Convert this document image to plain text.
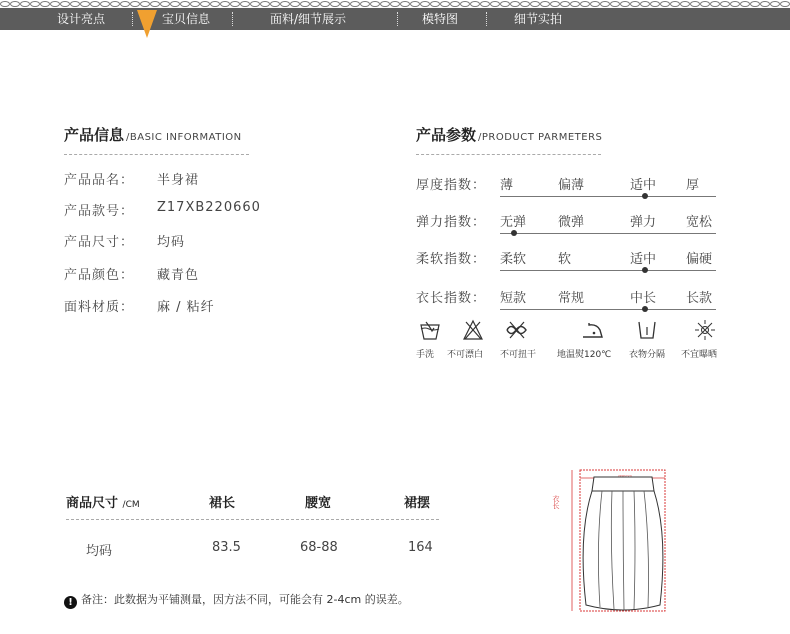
设计亮点	宝贝信息	面料/细节展示	模特图	细节实拍
产品信息 /BASIC INFORMATION
产品品名： 半身裙
产品款号： Z17XB220660
产品尺寸： 均码
产品颜色： 藏青色
面料材质： 麻 / 粘纤
产品参数 /PRODUCT PARMETERS
厚度指数： 薄	偏薄	适中 厚
弹力指数： 无弹 微弹	弹力 宽松
柔软指数： 柔软 软	适中 偏硬
衣长指数： 短款 常规	中长 长款
手洗 不可漂白 不可扭干 地温熨120℃ 衣物分隔 不宜曝晒
商品尺寸 /CM	裙长	腰宽	裙摆
均码	83.5	68-88	164
! 备注：此数据为平铺测量，因方法不同，可能会有 2-4cm 的误差。
衣长
